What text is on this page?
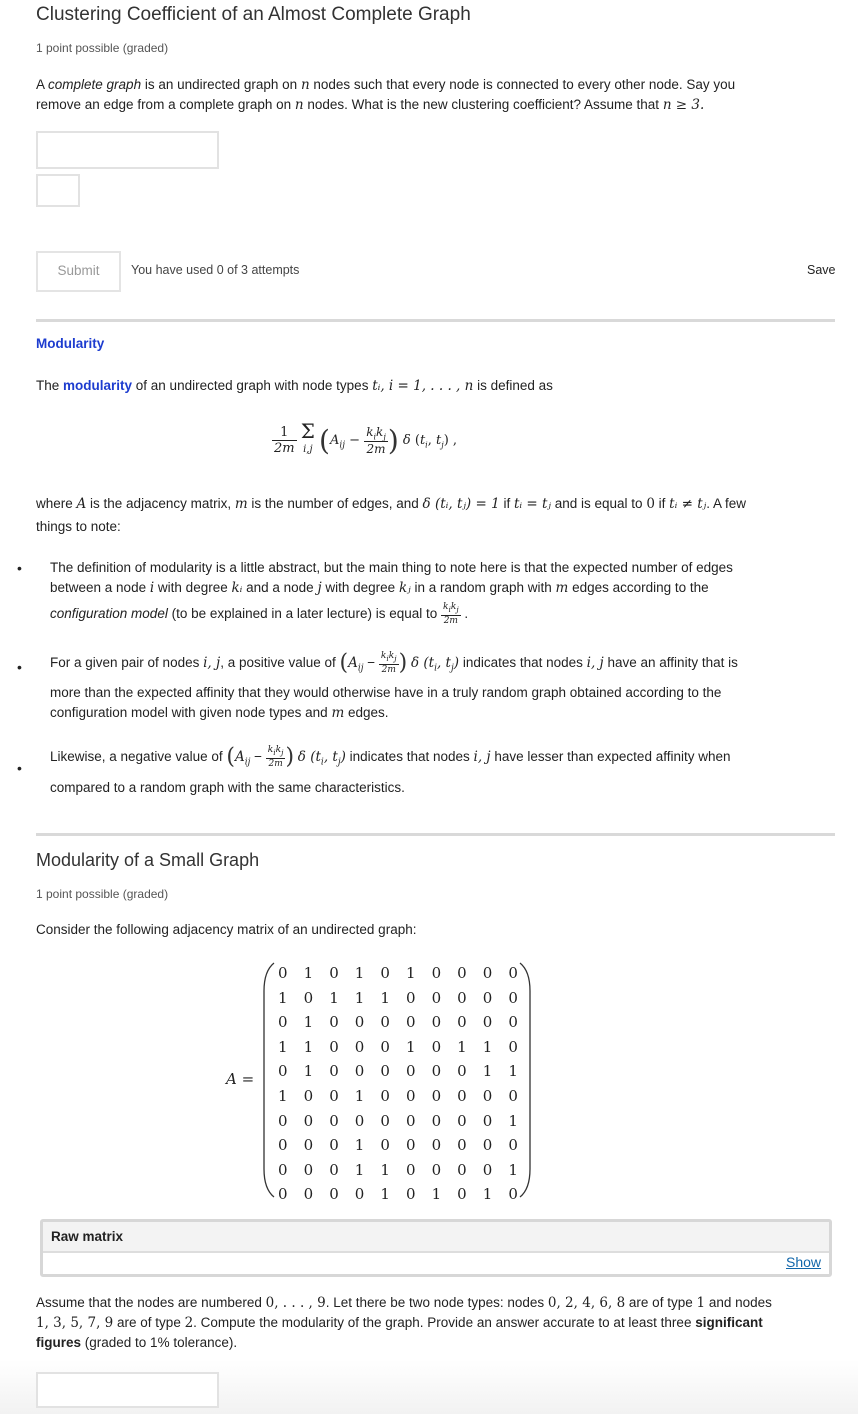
Clustering Coefficient of an Almost Complete Graph
1 point possible (graded)
A complete graph is an undirected graph on n nodes such that every node is connected to every other node. Say you
remove an edge from a complete graph on n nodes. What is the new clustering coefficient? Assume that n ≥ 3.
Submit	You have used 0 of 3 attempts	Save
Modularity
The modularity of an undirected graph with node types tᵢ, i = 1, . . . , n is defined as
$\frac{1}{2m}$ Σ
i,j ($A_{ij} - \frac{k_ik_j}{2m}$ ) δ ($t_i$, $t_j$) ,
where A is the adjacency matrix, m is the number of edges, and δ (tᵢ, tⱼ) = 1 if tᵢ = tⱼ and is equal to 0 if tᵢ ≠ tⱼ. A few
things to note:
• The definition of modularity is a little abstract, but the main thing to note here is that the expected number of edges
between a node i with degree kᵢ and a node j with degree kⱼ in a random graph with m edges according to the
configuration model (to be explained in a later lecture) is equal to $\frac{k_ik_j}{2m}$ .
• For a given pair of nodes i, j, a positive value of ($A_{ij} - \frac{k_ik_j}{2m}$ ) δ ($t_i$, $t_j$) indicates that nodes i, j have an affinity that is
more than the expected affinity that they would otherwise have in a truly random graph obtained according to the
configuration model with given node types and m edges.
•
Likewise, a negative value of ($A_{ij} - \frac{k_ik_j}{2m}$ ) δ ($t_i$, $t_j$) indicates that nodes i, j have lesser than expected affinity when
compared to a random graph with the same characteristics.
Modularity of a Small Graph
1 point possible (graded)
Consider the following adjacency matrix of an undirected graph:
A =
0 1 0 1 0 1 0 0 0 0
1 0 1 1 1 0 0 0 0 0
0 1 0 0 0 0 0 0 0 0
1 1 0 0 0 1 0 1 1 0
0 1 0 0 0 0 0 0 1 1
1 0 0 1 0 0 0 0 0 0
0 0 0 0 0 0 0 0 0 1
0 0 0 1 0 0 0 0 0 0
0 0 0 1 1 0 0 0 0 1
0 0 0 0 1 0 1 0 1 0
Raw matrix
Show
Assume that the nodes are numbered 0, . . . , 9. Let there be two node types: nodes 0, 2, 4, 6, 8 are of type 1 and nodes
1, 3, 5, 7, 9 are of type 2. Compute the modularity of the graph. Provide an answer accurate to at least three significant
figures (graded to 1% tolerance).
